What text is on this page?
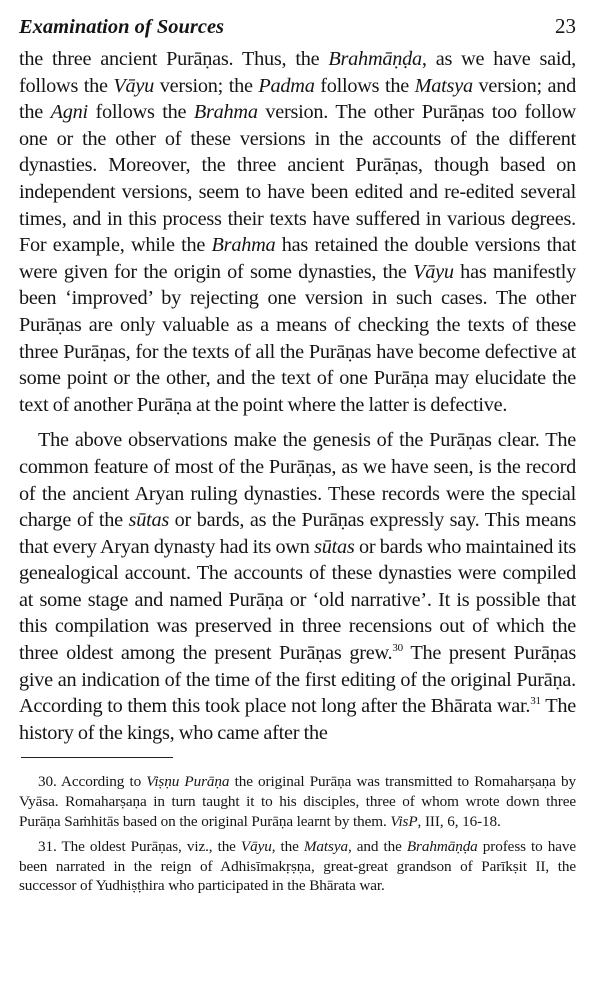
Examination of Sources	23

the three ancient Purāṇas. Thus, the Brahmāṇḍa, as we have said, follows the Vāyu version; the Padma follows the Matsya version; and the Agni follows the Brahma version. The other Purāṇas too follow one or the other of these versions in the accounts of the different dynasties. Moreover, the three ancient Purāṇas, though based on independent versions, seem to have been edited and re-edited several times, and in this process their texts have suffered in various degrees. For example, while the Brahma has retained the double versions that were given for the origin of some dynasties, the Vāyu has manifestly been ‘improved’ by rejecting one version in such cases. The other Purāṇas are only valuable as a means of checking the texts of these three Purāṇas, for the texts of all the Purāṇas have become defective at some point or the other, and the text of one Purāṇa may elucidate the text of another Purāṇa at the point where the latter is defective.

The above observations make the genesis of the Purāṇas clear. The common feature of most of the Purāṇas, as we have seen, is the record of the ancient Aryan ruling dynasties. These records were the special charge of the sūtas or bards, as the Purāṇas expressly say. This means that every Aryan dynasty had its own sūtas or bards who maintained its genealogical account. The accounts of these dynasties were compiled at some stage and named Purāṇa or ‘old narrative’. It is possible that this compilation was preserved in three recensions out of which the three oldest among the present Purāṇas grew.$^{30}$ The present Purāṇas give an indication of the time of the first editing of the original Purāṇa. According to them this took place not long after the Bhārata war.$^{31}$ The history of the kings, who came after the

30. According to Viṣṇu Purāṇa the original Purāṇa was transmitted to Romaharṣaṇa by Vyāsa. Romaharṣaṇa in turn taught it to his disciples, three of whom wrote down three Purāṇa Saṁhitās based on the original Purāṇa learnt by them. VisP, III, 6, 16-18.

31. The oldest Purāṇas, viz., the Vāyu, the Matsya, and the Brahmāṇḍa profess to have been narrated in the reign of Adhisīmakṛṣṇa, great-great grandson of Parīkṣit II, the successor of Yudhiṣṭhira who participated in the Bhārata war.
